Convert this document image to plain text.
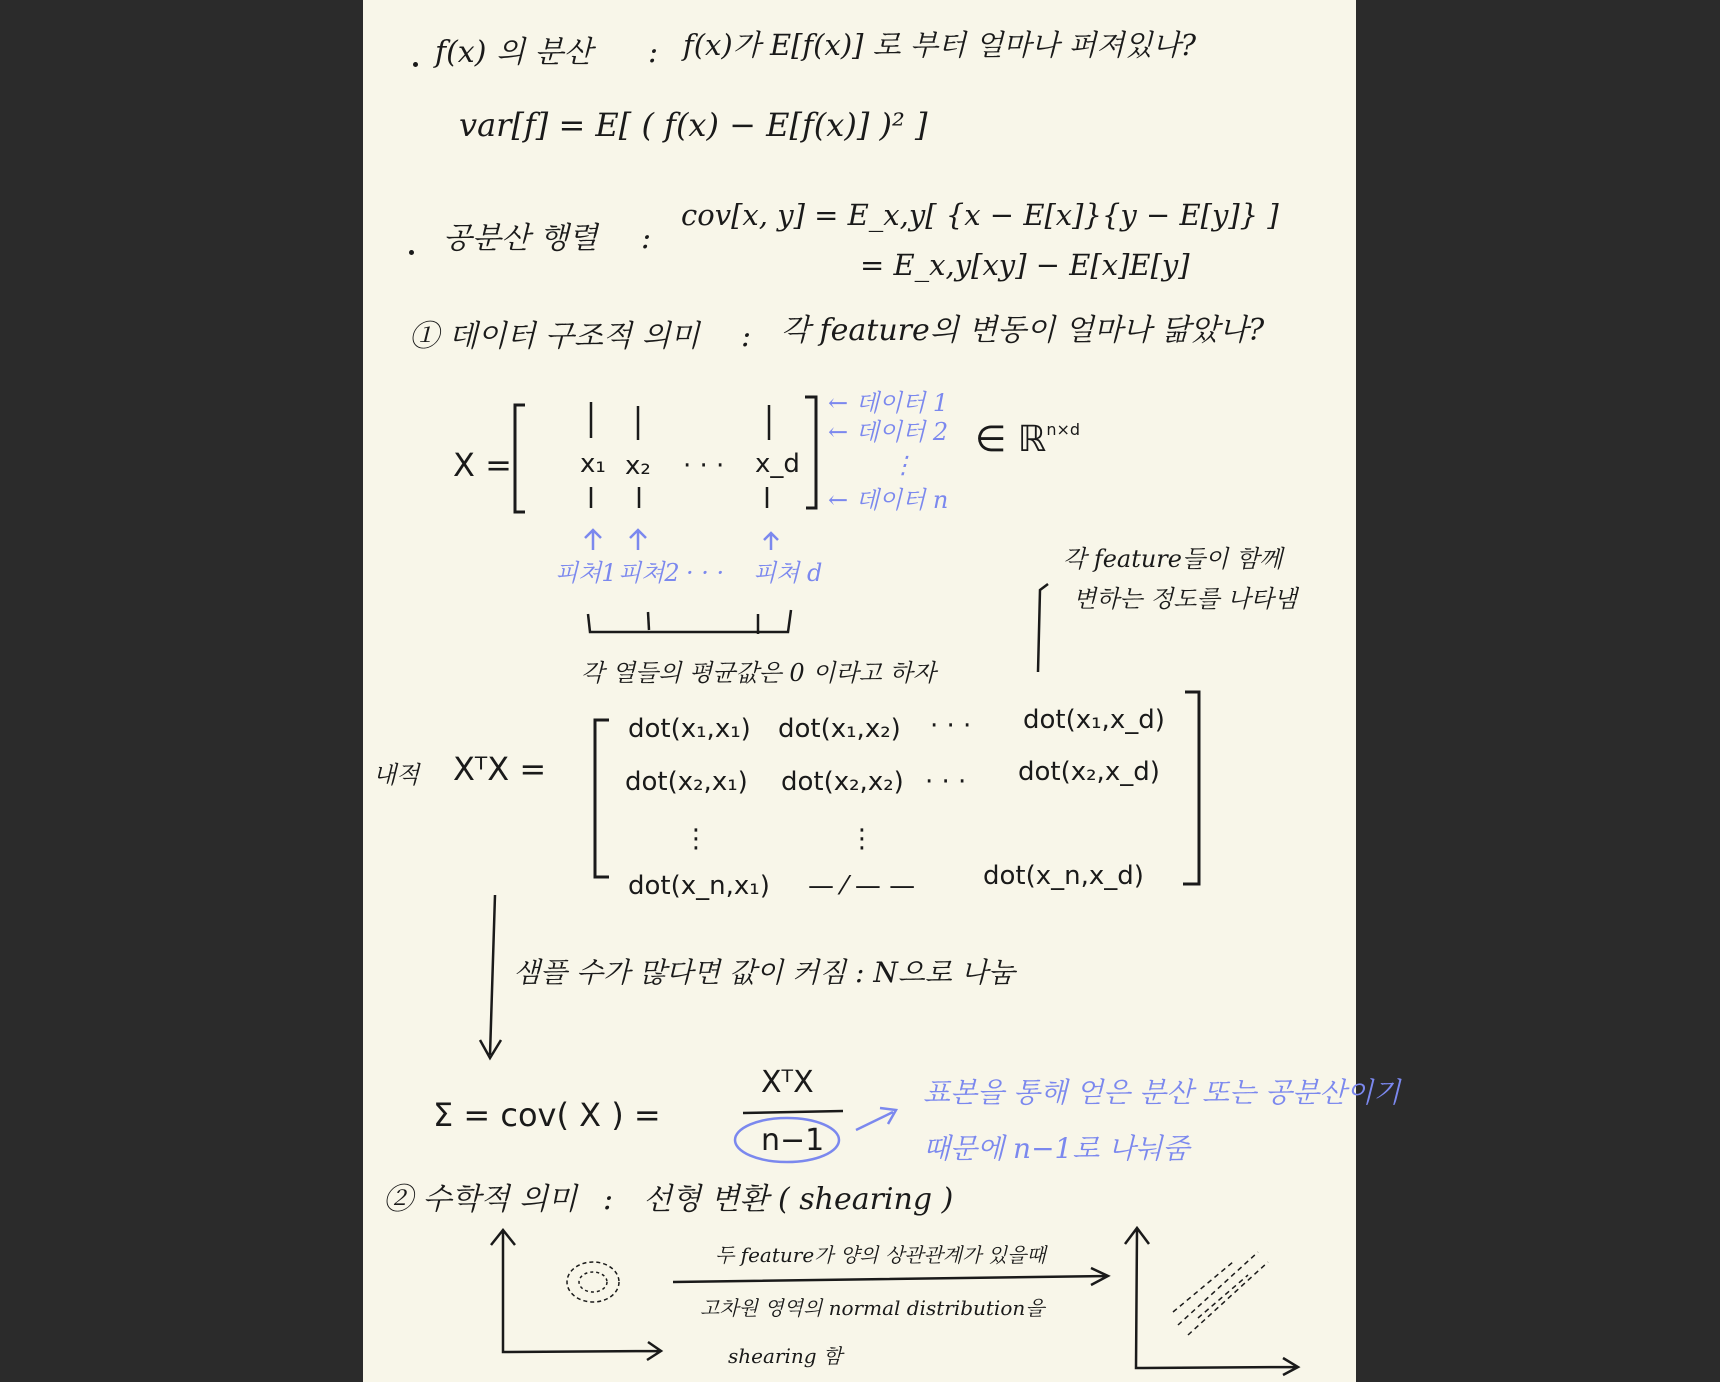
f(x) 의 분산 : f(x)가 E[f(x)] 로 부터 얼마나 퍼져있나?
var[f] = E[ ( f(x) − E[f(x)] )² ]
공분산 행렬 :
cov[x, y] = E_x,y[ {x − E[x]}{y − E[y]} ]
= E_x,y[xy] − E[x]E[y]
① 데이터 구조적 의미 : 각 feature의 변동이 얼마나 닮았나?
X =	x₁ x₂ · · · x_d
← 데이터 1
← 데이터 2
⋮
← 데이터 n
∈ ℝ$^{n\times d}$
피쳐1 피쳐2 · · · 피쳐 d	각 feature들이 함께
변하는 정도를 나타냄
각 열들의 평균값은 0 이라고 하자
내적 XᵀX =
dot(x₁,x₁) dot(x₁,x₂) · · · dot(x₁,x_d)
dot(x₂,x₁) dot(x₂,x₂) · · · dot(x₂,x_d)
⋮	⋮
dot(x_n,x₁) — ⁄ — —	dot(x_n,x_d)
샘플 수가 많다면 값이 커짐 : N으로 나눔
Σ = cov( X ) =
XᵀX
n−1
표본을 통해 얻은 분산 또는 공분산이기
때문에 n−1로 나눠줌
② 수학적 의미 : 선형 변환 ( shearing )
두 feature가 양의 상관관계가 있을때
고차원 영역의 normal distribution을
shearing 함
